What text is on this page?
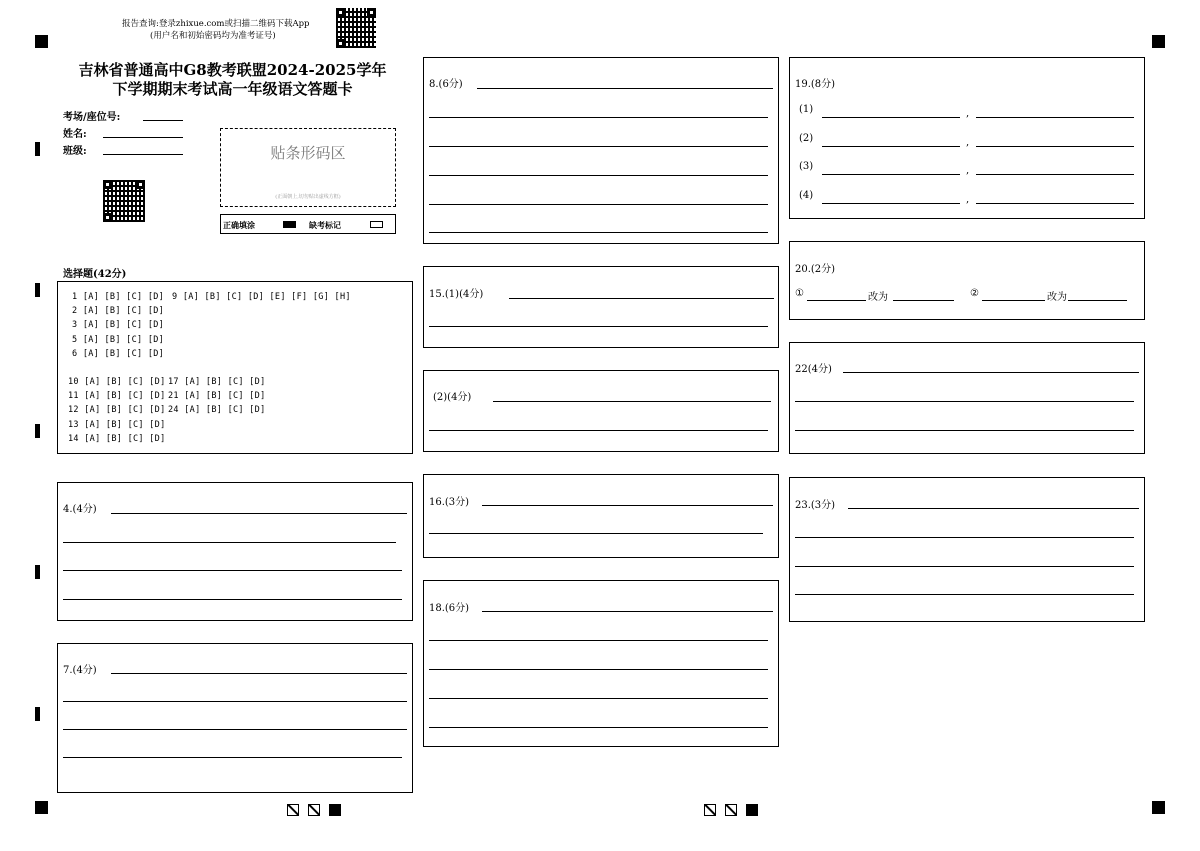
报告查询:登录zhixue.com或扫描二维码下载App
(用户名和初始密码均为准考证号)
吉林省普通高中G8教考联盟2024-2025学年
下学期期末考试高一年级语文答题卡
考场/座位号:
姓名:
班级:	贴条形码区
(正面朝上,切勿贴出虚线方框)
正确填涂	缺考标记
选择题(42分)
1 [A] [B] [C] [D] 9 [A] [B] [C] [D] [E] [F] [G] [H]
2 [A] [B] [C] [D]
3 [A] [B] [C] [D]
5 [A] [B] [C] [D]
6 [A] [B] [C] [D]
10 [A] [B] [C] [D] 17 [A] [B] [C] [D]
11 [A] [B] [C] [D] 21 [A] [B] [C] [D]
12 [A] [B] [C] [D] 24 [A] [B] [C] [D]
13 [A] [B] [C] [D]
14 [A] [B] [C] [D]
4.(4分)
7.(4分)
8.(6分)
15.(1)(4分)
(2)(4分)
16.(3分)
18.(6分)
19.(8分)
(1)	,
(2)	,
(3)	,
(4)	,
20.(2分)
①	改为	②	改为
22(4分)
23.(3分)
